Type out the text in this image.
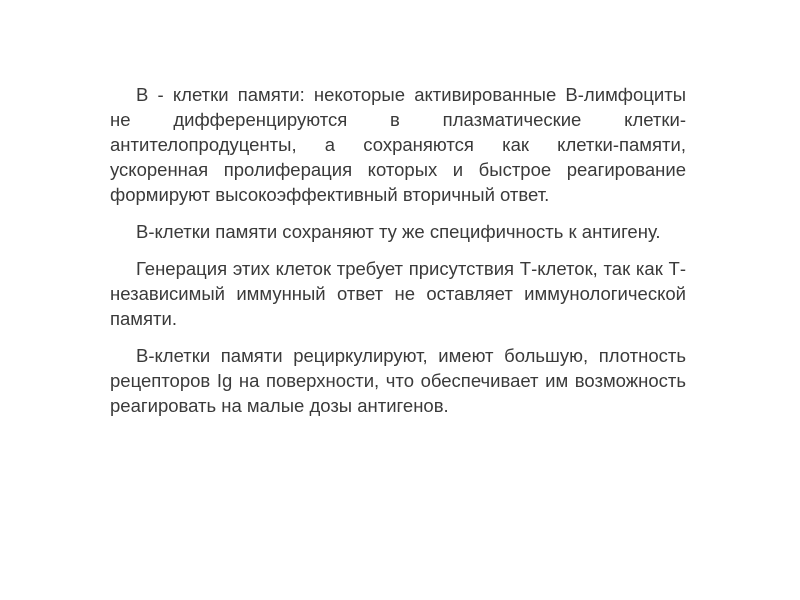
В - клетки памяти: некоторые активированные В-лимфоциты не дифференцируются в плазматические клетки-антителопродуценты, а сохраняются как клетки-памяти, ускоренная пролиферация которых и быстрое реагирование формируют высокоэффективный вторичный ответ.

В-клетки памяти сохраняют ту же специфичность к антигену.

Генерация этих клеток требует присутствия Т-клеток, так как Т-независимый иммунный ответ не оставляет иммунологической памяти.

В-клетки памяти рециркулируют, имеют большую, плотность рецепторов Ig на поверхности, что обеспечивает им возможность реагировать на малые дозы антигенов.
